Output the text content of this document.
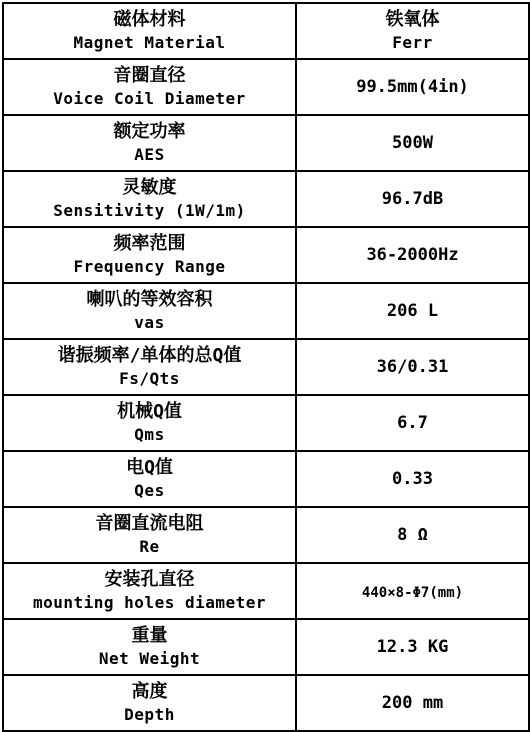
磁体材料
Magnet Material	铁氧体
Ferr

音圈直径
Voice Coil Diameter	99.5mm(4in)

额定功率
AES	500W

灵敏度
Sensitivity (1W/1m)	96.7dB

频率范围
Frequency Range	36-2000Hz

喇叭的等效容积
vas	206 L

谐振频率/单体的总Q值
Fs/Qts	36/0.31

机械Q值
Qms	6.7

电Q值
Qes	0.33

音圈直流电阻
Re	8 Ω

安装孔直径
mounting holes diameter	440×8-Φ7(mm)

重量
Net Weight	12.3 KG

高度
Depth	200 mm
